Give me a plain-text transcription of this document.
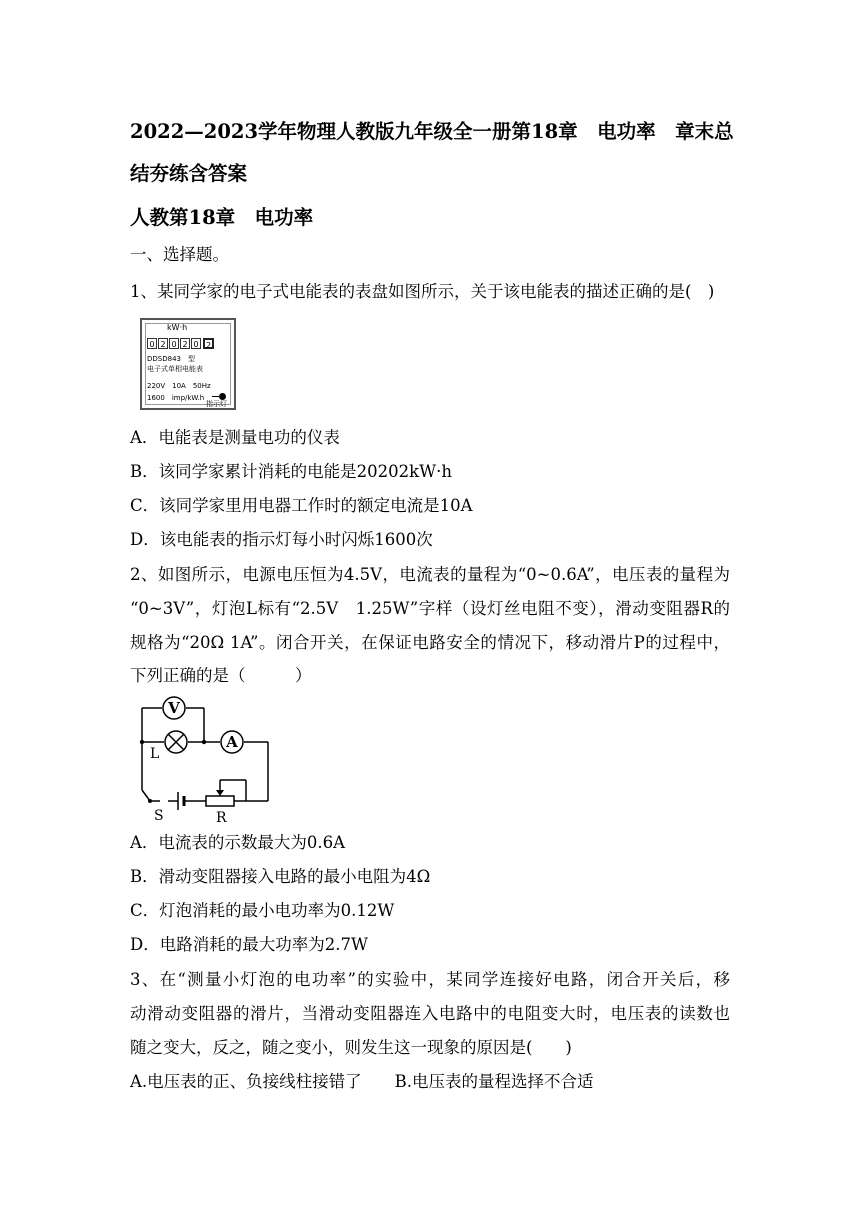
2022—2023学年物理人教版九年级全一册第18章　电功率　章末总
结夯练含答案
人教第18章　电功率
一、选择题。
1、某同学家的电子式电能表的表盘如图所示，关于该电能表的描述正确的是(　)
kW·h
0 2 0 2 0 2
DDSD843　型
电子式单相电能表
220V　10A　50Hz
1600　imp/kW.h
指示灯
A．电能表是测量电功的仪表
B．该同学家累计消耗的电能是20202kW·h
C．该同学家里用电器工作时的额定电流是10A
D．该电能表的指示灯每小时闪烁1600次
2、如图所示，电源电压恒为4.5V，电流表的量程为“0~0.6A”，电压表的量程为
“0~3V”，灯泡L标有“2.5V　1.25W”字样（设灯丝电阻不变），滑动变阻器R的
规格为“20Ω 1A”。闭合开关，在保证电路安全的情况下，移动滑片P的过程中，
下列正确的是（　　　）
V
A
L
S	R
A．电流表的示数最大为0.6A
B．滑动变阻器接入电路的最小电阻为4Ω
C．灯泡消耗的最小电功率为0.12W
D．电路消耗的最大功率为2.7W
3、在“测量小灯泡的电功率”的实验中，某同学连接好电路，闭合开关后，移
动滑动变阻器的滑片，当滑动变阻器连入电路中的电阻变大时，电压表的读数也
随之变大，反之，随之变小，则发生这一现象的原因是(　　)
A.电压表的正、负接线柱接错了　　B.电压表的量程选择不合适
